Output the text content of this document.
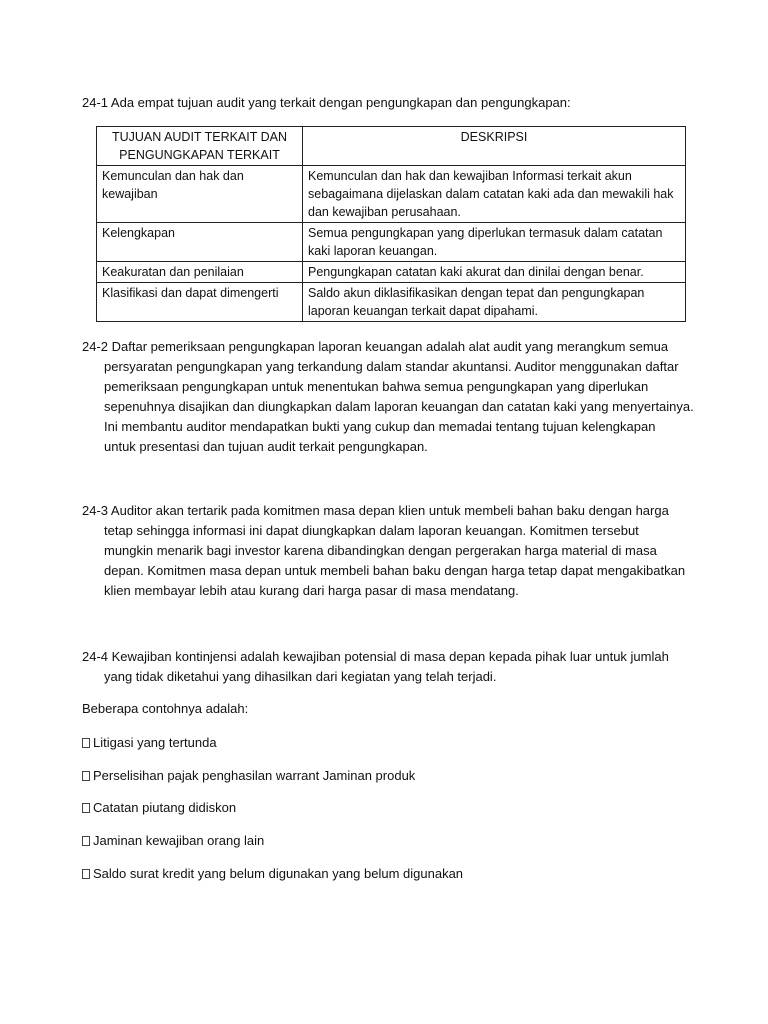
24-1 Ada empat tujuan audit yang terkait dengan pengungkapan dan pengungkapan:
TUJUAN AUDIT TERKAIT DAN PENGUNGKAPAN TERKAIT	DESKRIPSI
Kemunculan dan hak dan kewajiban	Kemunculan dan hak dan kewajiban Informasi terkait akun sebagaimana dijelaskan dalam catatan kaki ada dan mewakili hak dan kewajiban perusahaan.
Kelengkapan	Semua pengungkapan yang diperlukan termasuk dalam catatan kaki laporan keuangan.
Keakuratan dan penilaian	Pengungkapan catatan kaki akurat dan dinilai dengan benar.
Klasifikasi dan dapat dimengerti	Saldo akun diklasifikasikan dengan tepat dan pengungkapan laporan keuangan terkait dapat dipahami.
24-2 Daftar pemeriksaan pengungkapan laporan keuangan adalah alat audit yang merangkum semua
persyaratan pengungkapan yang terkandung dalam standar akuntansi. Auditor menggunakan daftar
pemeriksaan pengungkapan untuk menentukan bahwa semua pengungkapan yang diperlukan
sepenuhnya disajikan dan diungkapkan dalam laporan keuangan dan catatan kaki yang menyertainya.
Ini membantu auditor mendapatkan bukti yang cukup dan memadai tentang tujuan kelengkapan
untuk presentasi dan tujuan audit terkait pengungkapan.
24-3 Auditor akan tertarik pada komitmen masa depan klien untuk membeli bahan baku dengan harga
tetap sehingga informasi ini dapat diungkapkan dalam laporan keuangan. Komitmen tersebut
mungkin menarik bagi investor karena dibandingkan dengan pergerakan harga material di masa
depan. Komitmen masa depan untuk membeli bahan baku dengan harga tetap dapat mengakibatkan
klien membayar lebih atau kurang dari harga pasar di masa mendatang.
24-4 Kewajiban kontinjensi adalah kewajiban potensial di masa depan kepada pihak luar untuk jumlah
yang tidak diketahui yang dihasilkan dari kegiatan yang telah terjadi.
Beberapa contohnya adalah:
Litigasi yang tertunda
Perselisihan pajak penghasilan warrant Jaminan produk
Catatan piutang didiskon
Jaminan kewajiban orang lain
Saldo surat kredit yang belum digunakan yang belum digunakan
